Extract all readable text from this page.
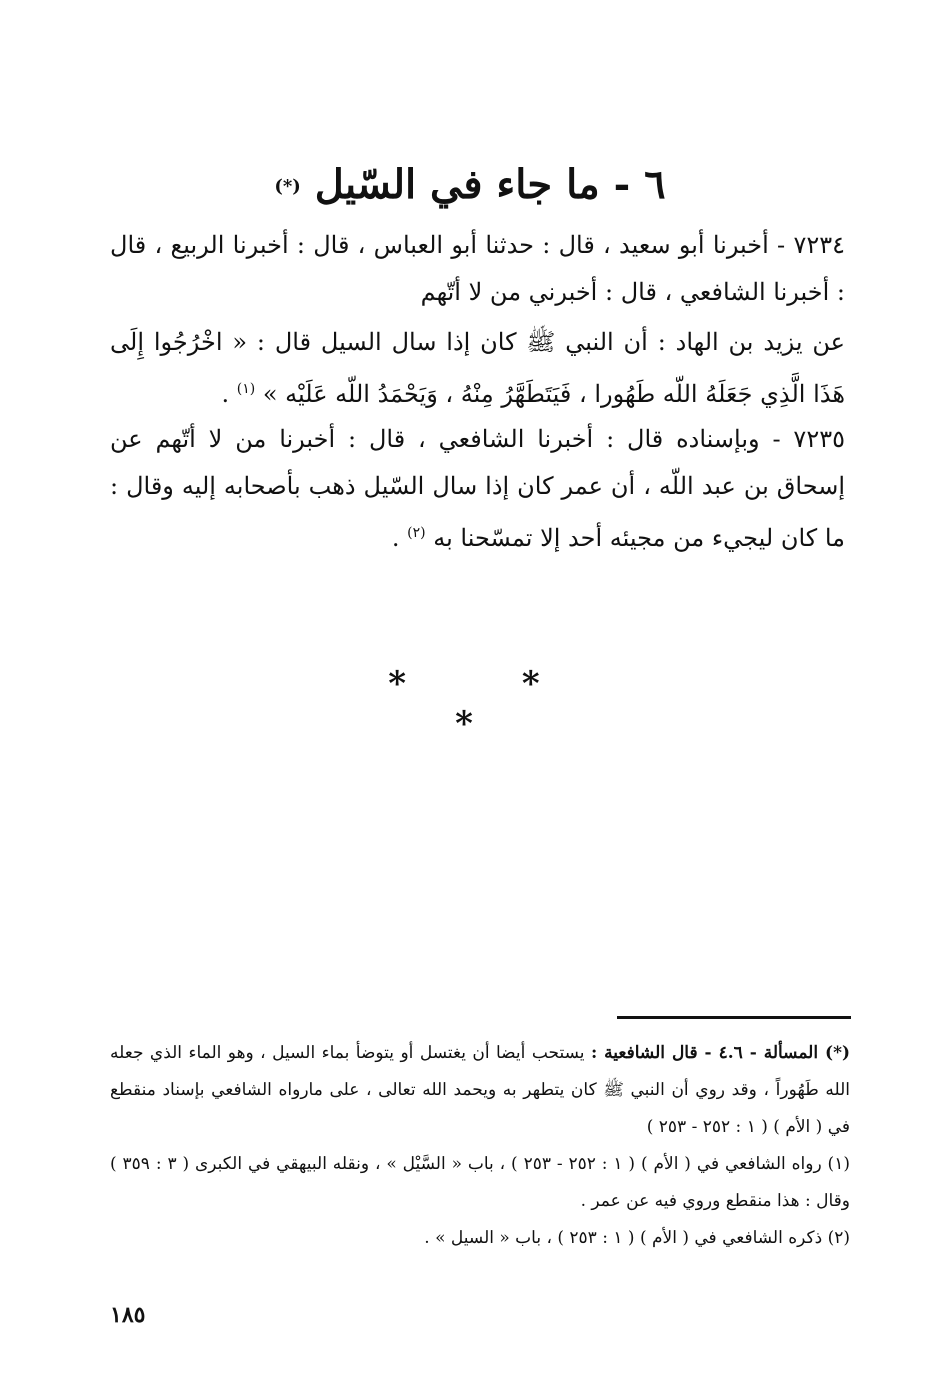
٦ - ما جاء في السّيل (*)
٧٢٣٤ - أخبرنا أبو سعيد ، قال : حدثنا أبو العباس ، قال : أخبرنا الربيع ، قال : أخبرنا الشافعي ، قال : أخبرني من لا أتّهم
عن يزيد بن الهاد : أن النبي ﷺ كان إذا سال السيل قال : « اخْرُجُوا إِلَى هَذَا الَّذِي جَعَلَهُ اللّه طَهُورا ، فَيَتَطَهَّرُ مِنْهُ ، وَيَحْمَدُ اللّه عَلَيْه » $^{(١)}$ .
٧٢٣٥ - وبإسناده قال : أخبرنا الشافعي ، قال : أخبرنا من لا أتّهم عن إسحاق بن عبد اللّه ، أن عمر كان إذا سال السّيل ذهب بأصحابه إليه وقال : ما كان ليجيء من مجيئه أحد إلا تمسّحنا به $^{(٢)}$ .
* * *

(*) المسألة - ٤.٦ - قال الشافعية : يستحب أيضا أن يغتسل أو يتوضأ بماء السيل ، وهو الماء الذي جعله الله طَهُوراً ، وقد روي أن النبي ﷺ كان يتطهر به ويحمد الله تعالى ، على مارواه الشافعي بإسناد منقطع في ( الأم ) ( ١ : ٢٥٢ - ٢٥٣ )

(١) رواه الشافعي في ( الأم ) ( ١ : ٢٥٢ - ٢٥٣ ) ، باب « السَّيْل » ، ونقله البيهقي في الكبرى ( ٣ : ٣٥٩ ) وقال : هذا منقطع وروي فيه عن عمر .

(٢) ذكره الشافعي في ( الأم ) ( ١ : ٢٥٣ ) ، باب « السيل » .

١٨٥
